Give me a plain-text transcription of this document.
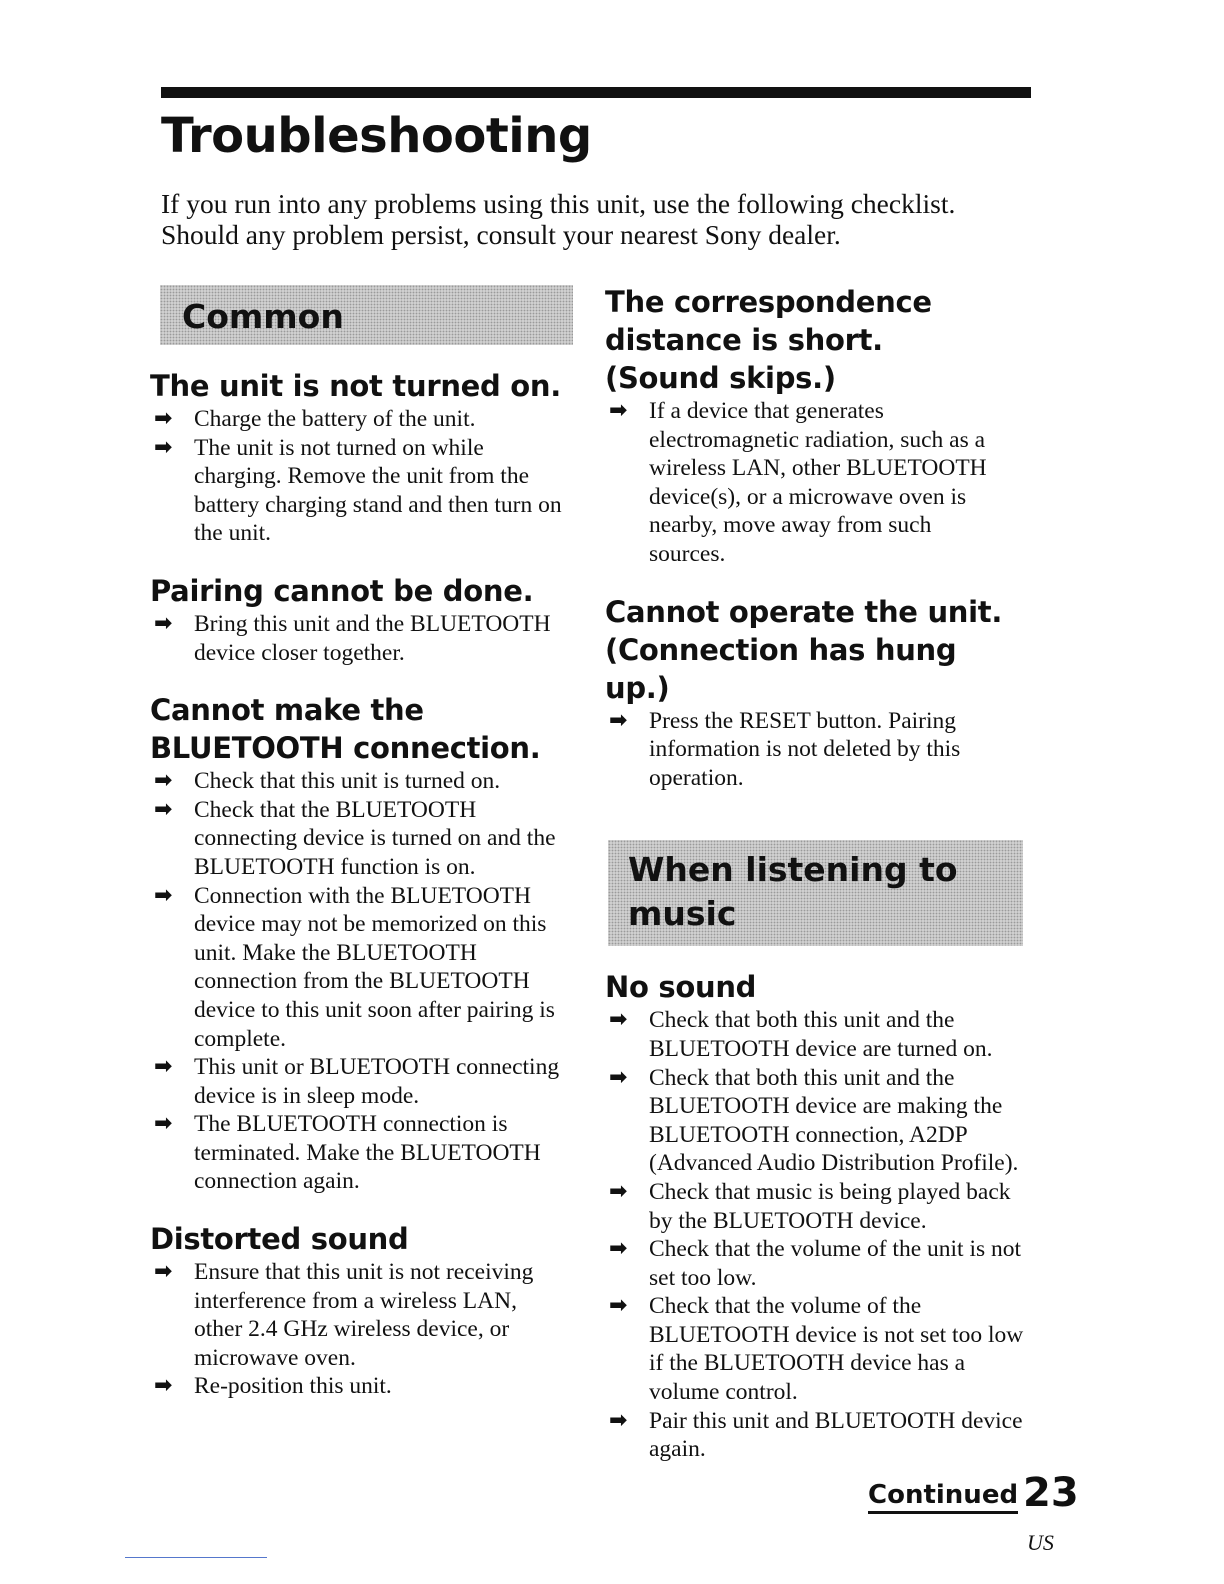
Troubleshooting

If you run into any problems using this unit, use the following checklist.

Should any problem persist, consult your nearest Sony dealer.

Common
The unit is not turned on.
➡ Charge the battery of the unit.
➡ The unit is not turned on while charging. Remove the unit from the battery charging stand and then turn on the unit.
Pairing cannot be done.
➡ Bring this unit and the BLUETOOTH device closer together.
Cannot make the BLUETOOTH connection.
➡ Check that this unit is turned on.
➡ Check that the BLUETOOTH connecting device is turned on and the BLUETOOTH function is on.
➡ Connection with the BLUETOOTH device may not be memorized on this unit. Make the BLUETOOTH connection from the BLUETOOTH device to this unit soon after pairing is complete.
➡ This unit or BLUETOOTH connecting device is in sleep mode.
➡ The BLUETOOTH connection is terminated. Make the BLUETOOTH connection again.
Distorted sound
➡ Ensure that this unit is not receiving interference from a wireless LAN, other 2.4 GHz wireless device, or microwave oven.
➡ Re-position this unit.
The correspondence distance is short. (Sound skips.)
➡ If a device that generates electromagnetic radiation, such as a wireless LAN, other BLUETOOTH device(s), or a microwave oven is nearby, move away from such sources.
Cannot operate the unit. (Connection has hung up.)
➡ Press the RESET button. Pairing information is not deleted by this operation.
When listening to music
No sound
➡ Check that both this unit and the BLUETOOTH device are turned on.
➡ Check that both this unit and the BLUETOOTH device are making the BLUETOOTH connection, A2DP (Advanced Audio Distribution Profile).
➡ Check that music is being played back by the BLUETOOTH device.
➡ Check that the volume of the unit is not set too low.
➡ Check that the volume of the BLUETOOTH device is not set too low if the BLUETOOTH device has a volume control.
➡ Pair this unit and BLUETOOTH device again.
Continued 23
US
